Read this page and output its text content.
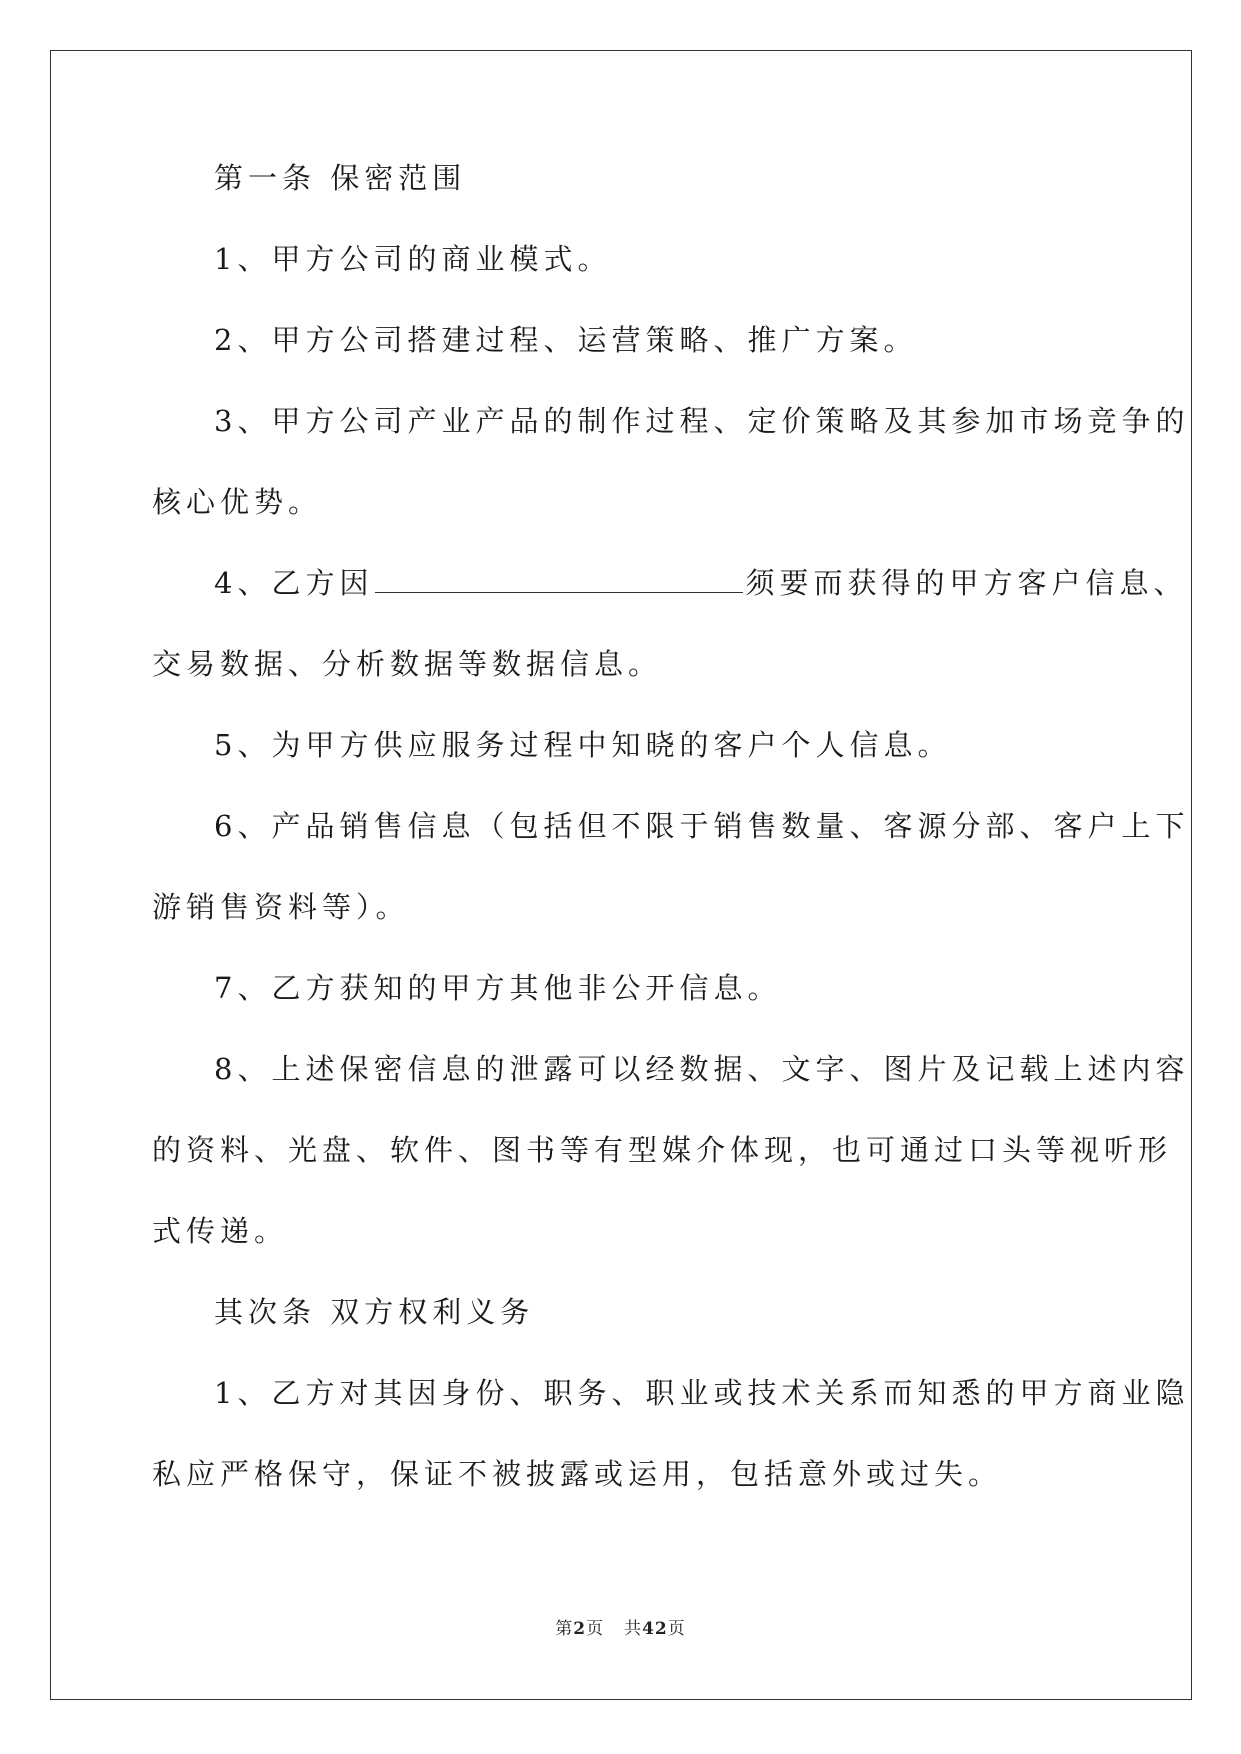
第一条 保密范围
1、甲方公司的商业模式。
2、甲方公司搭建过程、运营策略、推广方案。
3、甲方公司产业产品的制作过程、定价策略及其参加市场竞争的
核心优势。
4、乙方因	须要而获得的甲方客户信息、
交易数据、分析数据等数据信息。
5、为甲方供应服务过程中知晓的客户个人信息。
6、产品销售信息（包括但不限于销售数量、客源分部、客户上下
游销售资料等）。
7、乙方获知的甲方其他非公开信息。
8、上述保密信息的泄露可以经数据、文字、图片及记载上述内容
的资料、光盘、软件、图书等有型媒介体现，也可通过口头等视听形
式传递。
其次条 双方权利义务
1、乙方对其因身份、职务、职业或技术关系而知悉的甲方商业隐
私应严格保守，保证不被披露或运用，包括意外或过失。
第2页 共42页
